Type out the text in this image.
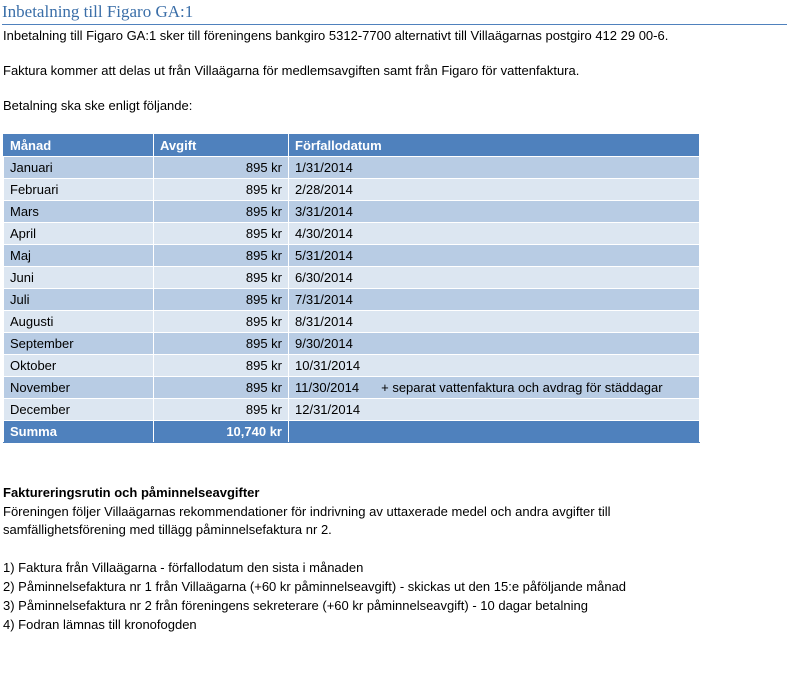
Inbetalning till Figaro GA:1
Inbetalning till Figaro GA:1 sker till föreningens bankgiro 5312-7700 alternativt till Villaägarnas postgiro 412 29 00-6.
Faktura kommer att delas ut från Villaägarna för medlemsavgiften samt från Figaro för vattenfaktura.
Betalning ska ske enligt följande:
Månad	Avgift	Förfallodatum
Januari	895 kr	1/31/2014
Februari	895 kr	2/28/2014
Mars	895 kr	3/31/2014
April	895 kr	4/30/2014
Maj	895 kr	5/31/2014
Juni	895 kr	6/30/2014
Juli	895 kr	7/31/2014
Augusti	895 kr	8/31/2014
September	895 kr	9/30/2014
Oktober	895 kr	10/31/2014
November	895 kr	11/30/2014 + separat vattenfaktura och avdrag för städdagar
December	895 kr	12/31/2014
Summa	10,740 kr	
Faktureringsrutin och påminnelseavgifter
Föreningen följer Villaägarnas rekommendationer för indrivning av uttaxerade medel och andra avgifter till
samfällighetsförening med tillägg påminnelsefaktura nr 2.
1) Faktura från Villaägarna - förfallodatum den sista i månaden
2) Påminnelsefaktura nr 1 från Villaägarna (+60 kr påminnelseavgift) - skickas ut den 15:e påföljande månad
3) Påminnelsefaktura nr 2 från föreningens sekreterare (+60 kr påminnelseavgift) - 10 dagar betalning
4) Fodran lämnas till kronofogden
